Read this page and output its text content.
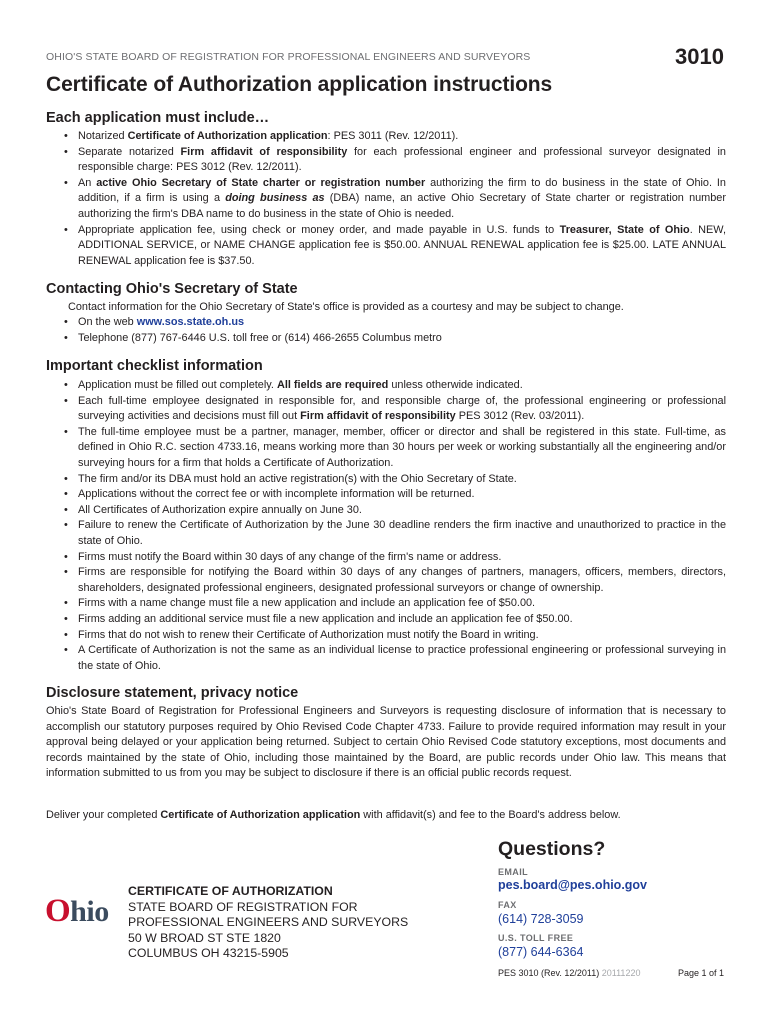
OHIO'S STATE BOARD OF REGISTRATION FOR PROFESSIONAL ENGINEERS AND SURVEYORS	3010
Certificate of Authorization application instructions
Each application must include…
• Notarized Certificate of Authorization application: PES 3011 (Rev. 12/2011).
• Separate notarized Firm affidavit of responsibility for each professional engineer and professional surveyor designated in responsible charge: PES 3012 (Rev. 12/2011).
• An active Ohio Secretary of State charter or registration number authorizing the firm to do business in the state of Ohio. In addition, if a firm is using a doing business as (DBA) name, an active Ohio Secretary of State charter or registration number authorizing the firm's DBA name to do business in the state of Ohio is needed.
• Appropriate application fee, using check or money order, and made payable in U.S. funds to Treasurer, State of Ohio. NEW, ADDITIONAL SERVICE, or NAME CHANGE application fee is $50.00. ANNUAL RENEWAL application fee is $25.00. LATE ANNUAL RENEWAL application fee is $37.50.
Contacting Ohio's Secretary of State
Contact information for the Ohio Secretary of State's office is provided as a courtesy and may be subject to change.
• On the web www.sos.state.oh.us
• Telephone (877) 767-6446 U.S. toll free or (614) 466-2655 Columbus metro
Important checklist information
• Application must be filled out completely. All fields are required unless otherwide indicated.
• Each full-time employee designated in responsible for, and responsible charge of, the professional engineering or professional surveying activities and decisions must fill out Firm affidavit of responsibility PES 3012 (Rev. 03/2011).
• The full-time employee must be a partner, manager, member, officer or director and shall be registered in this state. Full-time, as defined in Ohio R.C. section 4733.16, means working more than 30 hours per week or working substantially all the engineering and/or surveying hours for a firm that holds a Certificate of Authorization.
• The firm and/or its DBA must hold an active registration(s) with the Ohio Secretary of State.
• Applications without the correct fee or with incomplete information will be returned.
• All Certificates of Authorization expire annually on June 30.
• Failure to renew the Certificate of Authorization by the June 30 deadline renders the firm inactive and unauthorized to practice in the state of Ohio.
• Firms must notify the Board within 30 days of any change of the firm's name or address.
• Firms are responsible for notifying the Board within 30 days of any changes of partners, managers, officers, members, directors, shareholders, designated professional engineers, designated professional surveyors or change of ownership.
• Firms with a name change must file a new application and include an application fee of $50.00.
• Firms adding an additional service must file a new application and include an application fee of $50.00.
• Firms that do not wish to renew their Certificate of Authorization must notify the Board in writing.
• A Certificate of Authorization is not the same as an individual license to practice professional engineering or professional surveying in the state of Ohio.
Disclosure statement, privacy notice

Ohio's State Board of Registration for Professional Engineers and Surveyors is requesting disclosure of information that is necessary to accomplish our statutory purposes required by Ohio Revised Code Chapter 4733. Failure to provide required information may result in your approval being delayed or your application being returned. Subject to certain Ohio Revised Code statutory exceptions, most documents and records maintained by the state of Ohio, including those maintained by the Board, are public records under Ohio law. This means that information submitted to us from you may be subject to disclosure if there is an official public records request.

Deliver your completed Certificate of Authorization application with affidavit(s) and fee to the Board's address below.

Ohio
CERTIFICATE OF AUTHORIZATION
STATE BOARD OF REGISTRATION FOR
PROFESSIONAL ENGINEERS AND SURVEYORS
50 W BROAD ST STE 1820
COLUMBUS OH 43215-5905
Questions?
EMAIL
pes.board@pes.ohio.gov
FAX
(614) 728-3059
U.S. TOLL FREE
(877) 644-6364
PES 3010 (Rev. 12/2011) 20111220	Page 1 of 1
